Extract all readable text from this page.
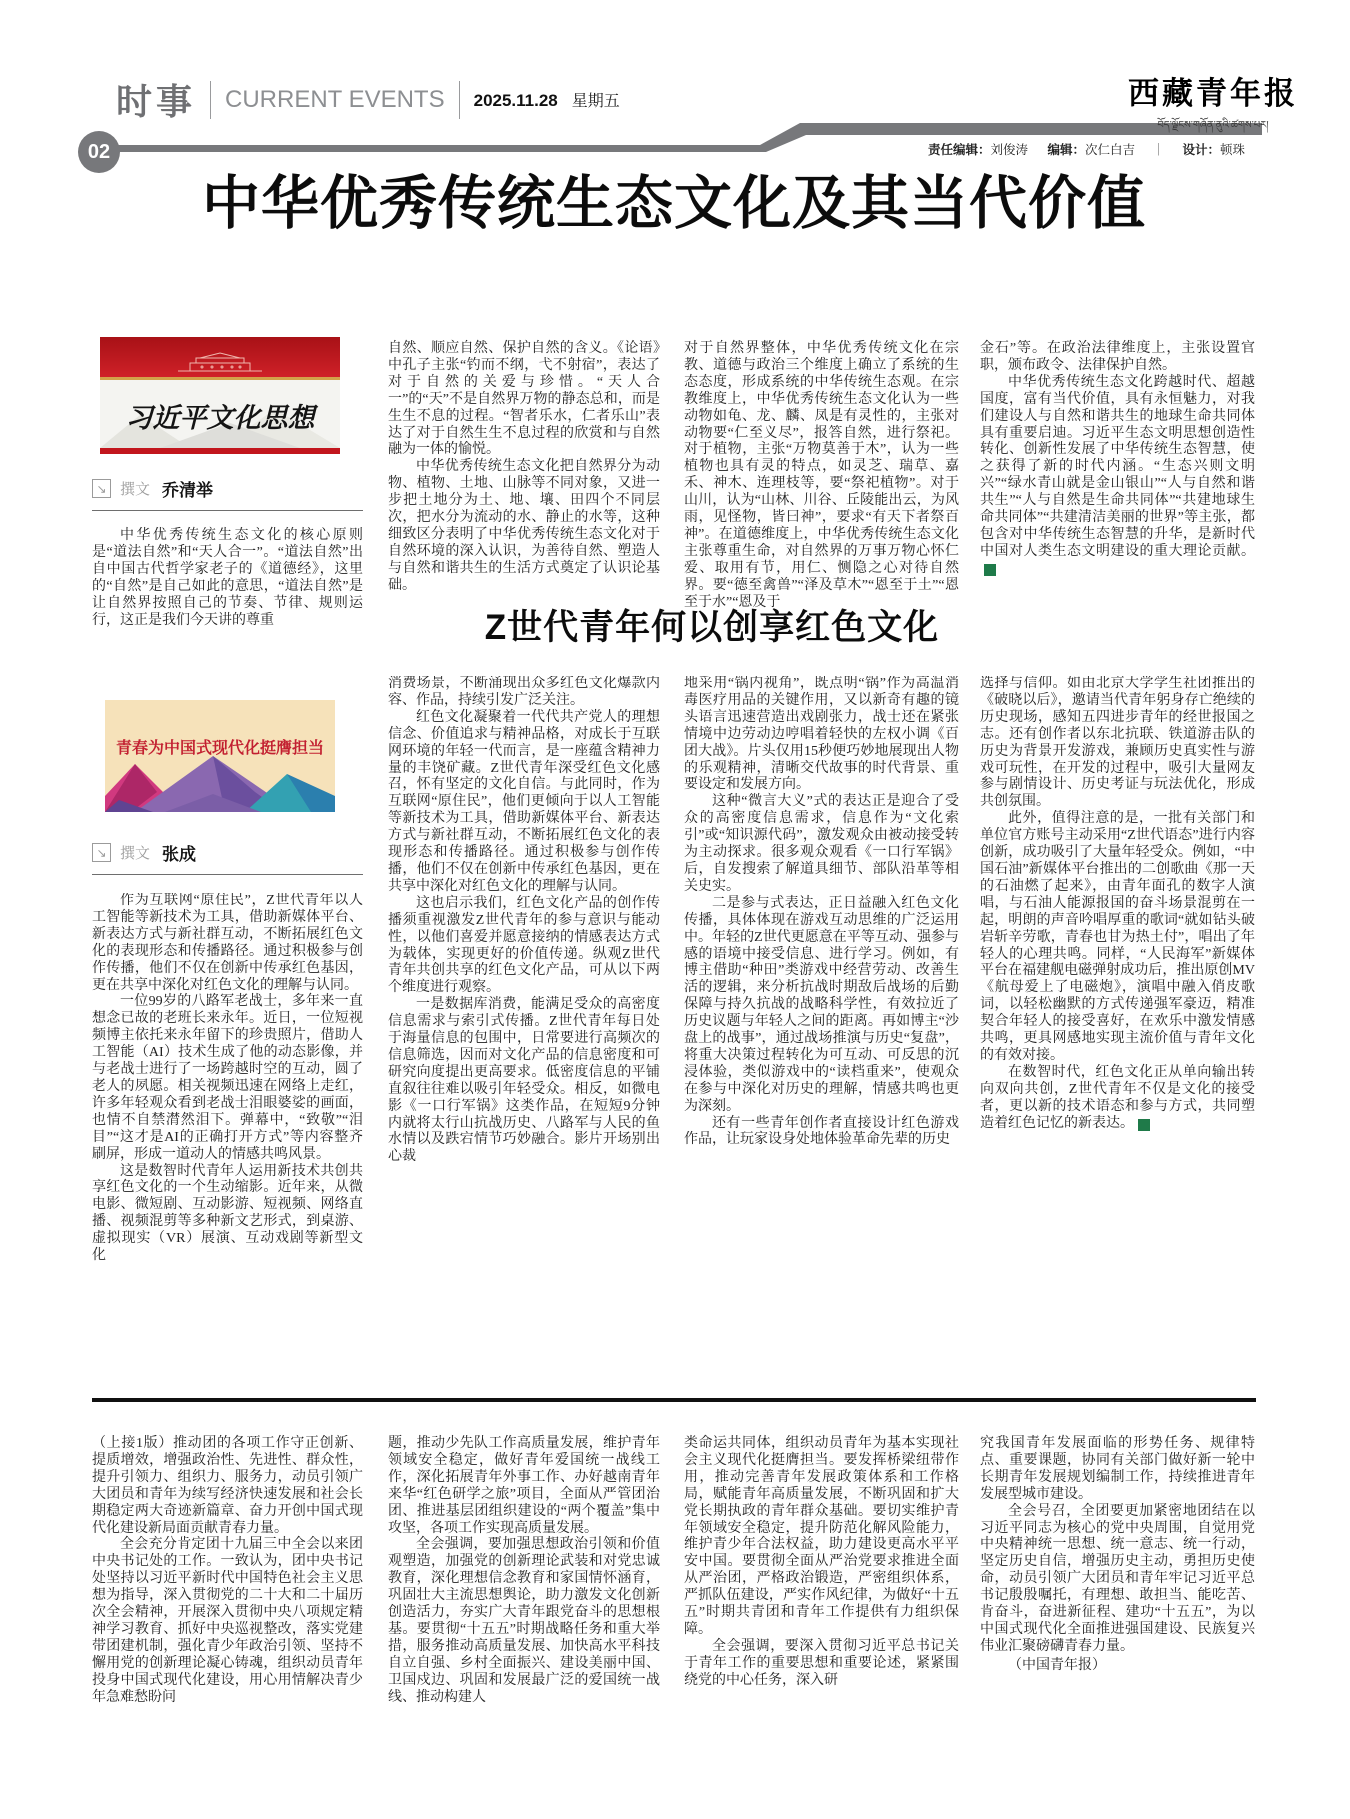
时事 CURRENT EVENTS 2025.11.28 星期五
02
西藏青年报
བོད་ལྗོངས་གཞོན་ནུའི་ཚགས་པར།
责任编辑：刘俊涛 编辑：次仁白吉 ｜ 设计：顿珠
中华优秀传统生态文化及其当代价值
习近平文化思想
↘ 撰文 乔清举

中华优秀传统生态文化的核心原则是“道法自然”和“天人合一”。“道法自然”出自中国古代哲学家老子的《道德经》，这里的“自然”是自己如此的意思，“道法自然”是让自然界按照自己的节奏、节律、规则运行，这正是我们今天讲的尊重

自然、顺应自然、保护自然的含义。《论语》中孔子主张“钓而不纲，弋不射宿”，表达了对于自然的关爱与珍惜。“天人合一”的“天”不是自然界万物的静态总和，而是生生不息的过程。“智者乐水，仁者乐山”表达了对于自然生生不息过程的欣赏和与自然融为一体的愉悦。

中华优秀传统生态文化把自然界分为动物、植物、土地、山脉等不同对象，又进一步把土地分为土、地、壤、田四个不同层次，把水分为流动的水、静止的水等，这种细致区分表明了中华优秀传统生态文化对于自然环境的深入认识，为善待自然、塑造人与自然和谐共生的生活方式奠定了认识论基础。

对于自然界整体，中华优秀传统文化在宗教、道德与政治三个维度上确立了系统的生态态度，形成系统的中华传统生态观。在宗教维度上，中华优秀传统生态文化认为一些动物如龟、龙、麟、凤是有灵性的，主张对动物要“仁至义尽”，报答自然，进行祭祀。对于植物，主张“万物莫善于木”，认为一些植物也具有灵的特点，如灵芝、瑞草、嘉禾、神木、连理枝等，要“祭祀植物”。对于山川，认为“山林、川谷、丘陵能出云，为风雨，见怪物，皆曰神”，要求“有天下者祭百神”。在道德维度上，中华优秀传统生态文化主张尊重生命，对自然界的万事万物心怀仁爱、取用有节，用仁、恻隐之心对待自然界。要“德至禽兽”“泽及草木”“恩至于土”“恩至于水”“恩及于

金石”等。在政治法律维度上，主张设置官职，颁布政令、法律保护自然。

中华优秀传统生态文化跨越时代、超越国度，富有当代价值，具有永恒魅力，对我们建设人与自然和谐共生的地球生命共同体具有重要启迪。习近平生态文明思想创造性转化、创新性发展了中华传统生态智慧，使之获得了新的时代内涵。“生态兴则文明兴”“绿水青山就是金山银山”“人与自然和谐共生”“人与自然是生命共同体”“共建地球生命共同体”“共建清洁美丽的世界”等主张，都包含对中华传统生态智慧的升华，是新时代中国对人类生态文明建设的重大理论贡献。青

Z世代青年何以创享红色文化
青春为中国式现代化挺膺担当
↘ 撰文 张成

作为互联网“原住民”，Z世代青年以人工智能等新技术为工具，借助新媒体平台、新表达方式与新社群互动，不断拓展红色文化的表现形态和传播路径。通过积极参与创作传播，他们不仅在创新中传承红色基因，更在共享中深化对红色文化的理解与认同。

一位99岁的八路军老战士，多年来一直想念已故的老班长来永年。近日，一位短视频博主依托来永年留下的珍贵照片，借助人工智能（AI）技术生成了他的动态影像，并与老战士进行了一场跨越时空的互动，圆了老人的夙愿。相关视频迅速在网络上走红，许多年轻观众看到老战士泪眼婆娑的画面，也情不自禁潸然泪下。弹幕中，“致敬”“泪目”“这才是AI的正确打开方式”等内容整齐刷屏，形成一道动人的情感共鸣风景。

这是数智时代青年人运用新技术共创共享红色文化的一个生动缩影。近年来，从微电影、微短剧、互动影游、短视频、网络直播、视频混剪等多种新文艺形式，到桌游、虚拟现实（VR）展演、互动戏剧等新型文化

消费场景，不断涌现出众多红色文化爆款内容、作品，持续引发广泛关注。

红色文化凝聚着一代代共产党人的理想信念、价值追求与精神品格，对成长于互联网环境的年轻一代而言，是一座蕴含精神力量的丰饶矿藏。Z世代青年深受红色文化感召，怀有坚定的文化自信。与此同时，作为互联网“原住民”，他们更倾向于以人工智能等新技术为工具，借助新媒体平台、新表达方式与新社群互动，不断拓展红色文化的表现形态和传播路径。通过积极参与创作传播，他们不仅在创新中传承红色基因，更在共享中深化对红色文化的理解与认同。

这也启示我们，红色文化产品的创作传播须重视激发Z世代青年的参与意识与能动性，以他们喜爱并愿意接纳的情感表达方式为载体，实现更好的价值传递。纵观Z世代青年共创共享的红色文化产品，可从以下两个维度进行观察。

一是数据库消费，能满足受众的高密度信息需求与索引式传播。Z世代青年每日处于海量信息的包围中，日常要进行高频次的信息筛选，因而对文化产品的信息密度和可研究向度提出更高要求。低密度信息的平铺直叙往往难以吸引年轻受众。相反，如微电影《一口行军锅》这类作品，在短短9分钟内就将太行山抗战历史、八路军与人民的鱼水情以及跌宕情节巧妙融合。影片开场别出心裁

地采用“锅内视角”，既点明“锅”作为高温消毒医疗用品的关键作用，又以新奇有趣的镜头语言迅速营造出戏剧张力，战士还在紧张情境中边劳动边哼唱着轻快的左权小调《百团大战》。片头仅用15秒便巧妙地展现出人物的乐观精神，清晰交代故事的时代背景、重要设定和发展方向。

这种“微言大义”式的表达正是迎合了受众的高密度信息需求，信息作为“文化索引”或“知识源代码”，激发观众由被动接受转为主动探求。很多观众观看《一口行军锅》后，自发搜索了解道具细节、部队沿革等相关史实。

二是参与式表达，正日益融入红色文化传播，具体体现在游戏互动思维的广泛运用中。年轻的Z世代更愿意在平等互动、强参与感的语境中接受信息、进行学习。例如，有博主借助“种田”类游戏中经营劳动、改善生活的逻辑，来分析抗战时期敌后战场的后勤保障与持久抗战的战略科学性，有效拉近了历史议题与年轻人之间的距离。再如博主“沙盘上的战事”，通过战场推演与历史“复盘”，将重大决策过程转化为可互动、可反思的沉浸体验，类似游戏中的“读档重来”，使观众在参与中深化对历史的理解，情感共鸣也更为深刻。

还有一些青年创作者直接设计红色游戏作品，让玩家设身处地体验革命先辈的历史

选择与信仰。如由北京大学学生社团推出的《破晓以后》，邀请当代青年躬身存亡绝续的历史现场，感知五四进步青年的经世报国之志。还有创作者以东北抗联、铁道游击队的历史为背景开发游戏，兼顾历史真实性与游戏可玩性，在开发的过程中，吸引大量网友参与剧情设计、历史考证与玩法优化，形成共创氛围。

此外，值得注意的是，一批有关部门和单位官方账号主动采用“Z世代语态”进行内容创新，成功吸引了大量年轻受众。例如，“中国石油”新媒体平台推出的二创歌曲《那一天的石油燃了起来》，由青年面孔的数字人演唱，与石油人能源报国的奋斗场景混剪在一起，明朗的声音吟唱厚重的歌词“就如钻头破岩斩辛劳歌，青春也甘为热土付”，唱出了年轻人的心理共鸣。同样，“人民海军”新媒体平台在福建舰电磁弹射成功后，推出原创MV《航母爱上了电磁炮》，演唱中融入俏皮歌词，以轻松幽默的方式传递强军豪迈，精准契合年轻人的接受喜好，在欢乐中激发情感共鸣，更具网感地实现主流价值与青年文化的有效对接。

在数智时代，红色文化正从单向输出转向双向共创，Z世代青年不仅是文化的接受者，更以新的技术语态和参与方式，共同塑造着红色记忆的新表达。	青

（上接1版）推动团的各项工作守正创新、提质增效，增强政治性、先进性、群众性，提升引领力、组织力、服务力，动员引领广大团员和青年为续写经济快速发展和社会长期稳定两大奇迹新篇章、奋力开创中国式现代化建设新局面贡献青春力量。

全会充分肯定团十九届三中全会以来团中央书记处的工作。一致认为，团中央书记处坚持以习近平新时代中国特色社会主义思想为指导，深入贯彻党的二十大和二十届历次全会精神，开展深入贯彻中央八项规定精神学习教育、抓好中央巡视整改，落实党建带团建机制，强化青少年政治引领、坚持不懈用党的创新理论凝心铸魂，组织动员青年投身中国式现代化建设，用心用情解决青少年急难愁盼问

题，推动少先队工作高质量发展，维护青年领域安全稳定，做好青年爱国统一战线工作，深化拓展青年外事工作、办好越南青年来华“红色研学之旅”项目，全面从严管团治团、推进基层团组织建设的“两个覆盖”集中攻坚，各项工作实现高质量发展。

全会强调，要加强思想政治引领和价值观塑造，加强党的创新理论武装和对党忠诚教育，深化理想信念教育和家国情怀涵育，巩固壮大主流思想舆论，助力激发文化创新创造活力，夯实广大青年跟党奋斗的思想根基。要贯彻“十五五”时期战略任务和重大举措，服务推动高质量发展、加快高水平科技自立自强、乡村全面振兴、建设美丽中国、卫国戍边、巩固和发展最广泛的爱国统一战线、推动构建人

类命运共同体，组织动员青年为基本实现社会主义现代化挺膺担当。要发挥桥梁纽带作用，推动完善青年发展政策体系和工作格局，赋能青年高质量发展，不断巩固和扩大党长期执政的青年群众基础。要切实维护青年领域安全稳定，提升防范化解风险能力，维护青少年合法权益，助力建设更高水平平安中国。要贯彻全面从严治党要求推进全面从严治团，严格政治锻造，严密组织体系，严抓队伍建设，严实作风纪律，为做好“十五五”时期共青团和青年工作提供有力组织保障。

全会强调，要深入贯彻习近平总书记关于青年工作的重要思想和重要论述，紧紧围绕党的中心任务，深入研

究我国青年发展面临的形势任务、规律特点、重要课题，协同有关部门做好新一轮中长期青年发展规划编制工作，持续推进青年发展型城市建设。

全会号召，全团要更加紧密地团结在以习近平同志为核心的党中央周围，自觉用党中央精神统一思想、统一意志、统一行动，坚定历史自信，增强历史主动，勇担历史使命，动员引领广大团员和青年牢记习近平总书记殷殷嘱托，有理想、敢担当、能吃苦、肯奋斗，奋进新征程、建功“十五五”，为以中国式现代化全面推进强国建设、民族复兴伟业汇聚磅礴青春力量。

（中国青年报）
